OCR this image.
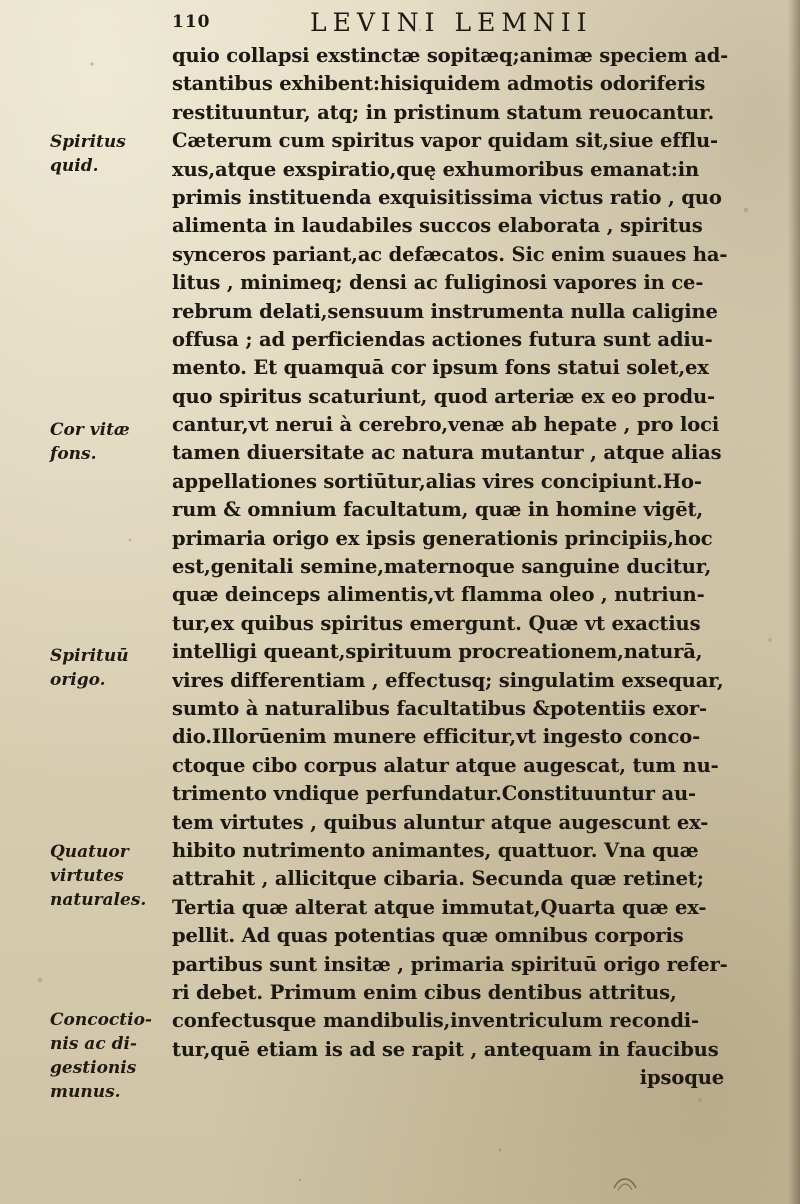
110	LEVINI LEMNII
Spiritus
quid.
Cor vitæ
fons.
Spirituū
origo.
Quatuor
virtutes
naturales.
Concoctio-
nis ac di-
gestionis
munus.
quio collapsi exstinctæ sopitæq;animæ speciem ad-
stantibus exhibent:hisiquidem admotis odoriferis
restituuntur, atq; in pristinum statum reuocantur.
Cæterum cum spiritus vapor quidam sit,siue efflu-
xus,atque exspiratio,quę exhumoribus emanat:in
primis instituenda exquisitissima victus ratio , quo
alimenta in laudabiles succos elaborata , spiritus
synceros pariant,ac defæcatos. Sic enim suaues ha-
litus , minimeq; densi ac fuliginosi vapores in ce-
rebrum delati,sensuum instrumenta nulla caligine
offusa ; ad perficiendas actiones futura sunt adiu-
mento. Et quamquā cor ipsum fons statui solet,ex
quo spiritus scaturiunt, quod arteriæ ex eo produ-
cantur,vt nerui à cerebro,venæ ab hepate , pro loci
tamen diuersitate ac natura mutantur , atque alias
appellationes sortiūtur,alias vires concipiunt.Ho-
rum & omnium facultatum, quæ in homine vigēt,
primaria origo ex ipsis generationis principiis,hoc
est,genitali semine,maternoque sanguine ducitur,
quæ deinceps alimentis,vt flamma oleo , nutriun-
tur,ex quibus spiritus emergunt. Quæ vt exactius
intelligi queant,spirituum procreationem,naturā,
vires differentiam , effectusq; singulatim exsequar,
sumto à naturalibus facultatibus &potentiis exor-
dio.Illorūenim munere efficitur,vt ingesto conco-
ctoque cibo corpus alatur atque augescat, tum nu-
trimento vndique perfundatur.Constituuntur au-
tem virtutes , quibus aluntur atque augescunt ex-
hibito nutrimento animantes, quattuor. Vna quæ
attrahit , allicitque cibaria. Secunda quæ retinet;
Tertia quæ alterat atque immutat,Quarta quæ ex-
pellit. Ad quas potentias quæ omnibus corporis
partibus sunt insitæ , primaria spirituū origo refer-
ri debet. Primum enim cibus dentibus attritus,
confectusque mandibulis,inventriculum recondi-
tur,quē etiam is ad se rapit , antequam in faucibus
ipsoque
